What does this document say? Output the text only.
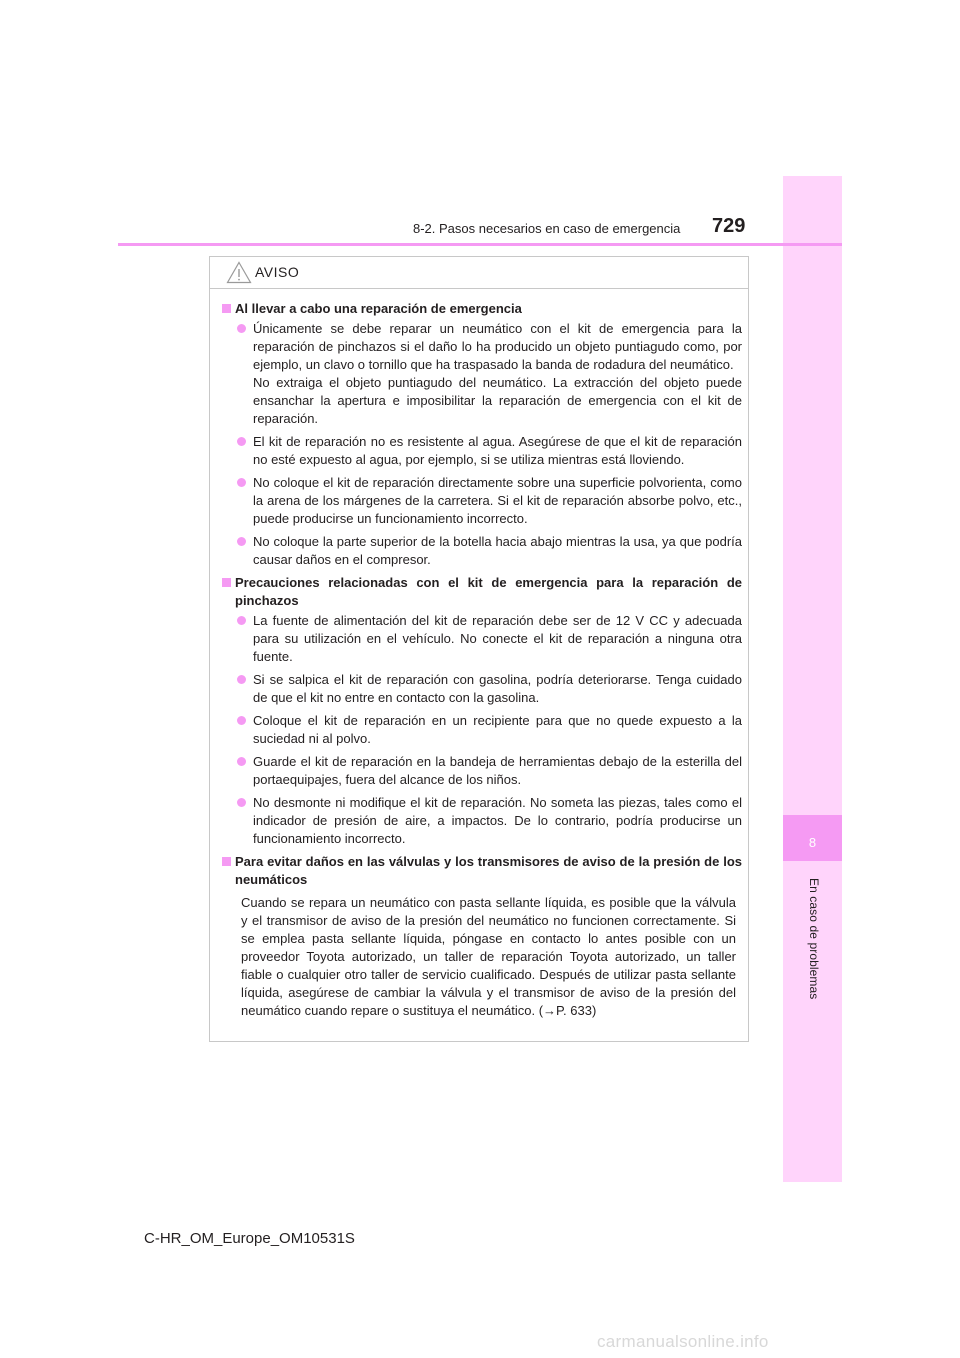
8
En caso de problemas
8-2. Pasos necesarios en caso de emergencia 729
AVISO
Al llevar a cabo una reparación de emergencia
Únicamente se debe reparar un neumático con el kit de emergencia para la reparación de pinchazos si el daño lo ha producido un objeto puntiagudo como, por ejemplo, un clavo o tornillo que ha traspasado la banda de rodadura del neumático.
No extraiga el objeto puntiagudo del neumático. La extracción del objeto puede ensanchar la apertura e imposibilitar la reparación de emergencia con el kit de reparación.
El kit de reparación no es resistente al agua. Asegúrese de que el kit de reparación no esté expuesto al agua, por ejemplo, si se utiliza mientras está lloviendo.
No coloque el kit de reparación directamente sobre una superficie polvorienta, como la arena de los márgenes de la carretera. Si el kit de reparación absorbe polvo, etc., puede producirse un funcionamiento incorrecto.
No coloque la parte superior de la botella hacia abajo mientras la usa, ya que podría causar daños en el compresor.
Precauciones relacionadas con el kit de emergencia para la reparación de pinchazos
La fuente de alimentación del kit de reparación debe ser de 12 V CC y adecuada para su utilización en el vehículo. No conecte el kit de reparación a ninguna otra fuente.
Si se salpica el kit de reparación con gasolina, podría deteriorarse. Tenga cuidado de que el kit no entre en contacto con la gasolina.
Coloque el kit de reparación en un recipiente para que no quede expuesto a la suciedad ni al polvo.
Guarde el kit de reparación en la bandeja de herramientas debajo de la esterilla del portaequipajes, fuera del alcance de los niños.
No desmonte ni modifique el kit de reparación. No someta las piezas, tales como el indicador de presión de aire, a impactos. De lo contrario, podría producirse un funcionamiento incorrecto.
Para evitar daños en las válvulas y los transmisores de aviso de la presión de los neumáticos
Cuando se repara un neumático con pasta sellante líquida, es posible que la válvula y el transmisor de aviso de la presión del neumático no funcionen correctamente. Si se emplea pasta sellante líquida, póngase en contacto lo antes posible con un proveedor Toyota autorizado, un taller de reparación Toyota autorizado, un taller fiable o cualquier otro taller de servicio cualificado. Después de utilizar pasta sellante líquida, asegúrese de cambiar la válvula y el transmisor de aviso de la presión del neumático cuando repare o sustituya el neumático. (→P. 633)
C-HR_OM_Europe_OM10531S
carmanualsonline.info
